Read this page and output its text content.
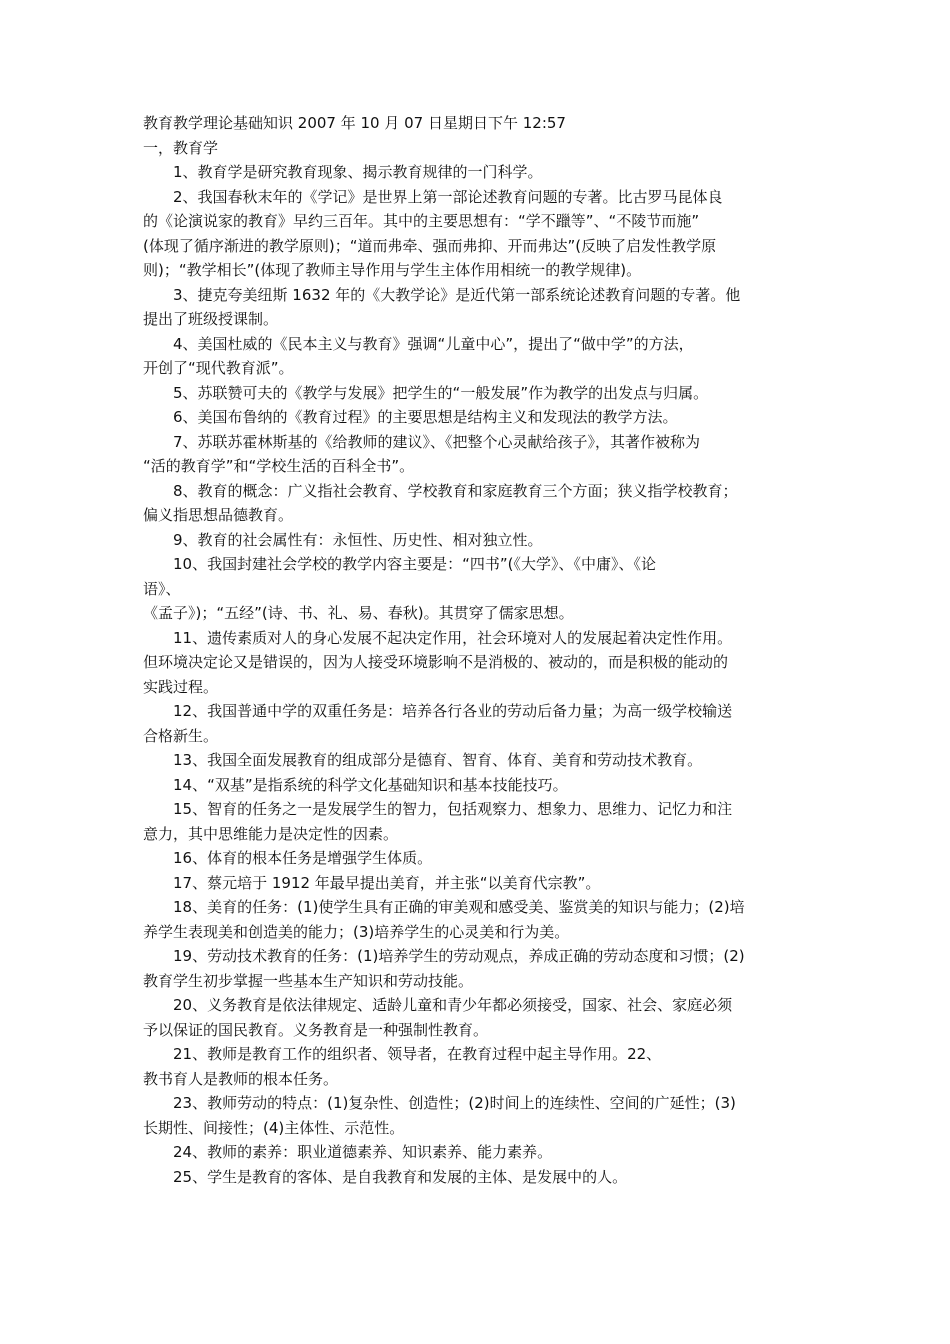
教育教学理论基础知识 2007 年 10 月 07 日星期日下午 12:57
一，教育学
1、教育学是研究教育现象、揭示教育规律的一门科学。
2、我国春秋末年的《学记》是世界上第一部论述教育问题的专著。比古罗马昆体良
的《论演说家的教育》早约三百年。其中的主要思想有：“学不躐等”、“不陵节而施”
(体现了循序渐进的教学原则)；“道而弗牵、强而弗抑、开而弗达”(反映了启发性教学原
则)；“教学相长”(体现了教师主导作用与学生主体作用相统一的教学规律)。
3、捷克夸美纽斯 1632 年的《大教学论》是近代第一部系统论述教育问题的专著。他
提出了班级授课制。
4、美国杜威的《民本主义与教育》强调“儿童中心”，提出了“做中学”的方法，
开创了“现代教育派”。
5、苏联赞可夫的《教学与发展》把学生的“一般发展”作为教学的出发点与归属。
6、美国布鲁纳的《教育过程》的主要思想是结构主义和发现法的教学方法。
7、苏联苏霍林斯基的《给教师的建议》、《把整个心灵献给孩子》，其著作被称为
“活的教育学”和“学校生活的百科全书”。
8、教育的概念：广义指社会教育、学校教育和家庭教育三个方面；狭义指学校教育；
偏义指思想品德教育。
9、教育的社会属性有：永恒性、历史性、相对独立性。
10、我国封建社会学校的教学内容主要是：“四书”(《大学》、《中庸》、《论
语》、
《孟子》)；“五经”(诗、书、礼、易、春秋)。其贯穿了儒家思想。
11、遗传素质对人的身心发展不起决定作用，社会环境对人的发展起着决定性作用。
但环境决定论又是错误的，因为人接受环境影响不是消极的、被动的，而是积极的能动的
实践过程。
12、我国普通中学的双重任务是：培养各行各业的劳动后备力量；为高一级学校输送
合格新生。
13、我国全面发展教育的组成部分是德育、智育、体育、美育和劳动技术教育。
14、“双基”是指系统的科学文化基础知识和基本技能技巧。
15、智育的任务之一是发展学生的智力，包括观察力、想象力、思维力、记忆力和注
意力，其中思维能力是决定性的因素。
16、体育的根本任务是增强学生体质。
17、蔡元培于 1912 年最早提出美育，并主张“以美育代宗教”。
18、美育的任务：(1)使学生具有正确的审美观和感受美、鉴赏美的知识与能力；(2)培
养学生表现美和创造美的能力；(3)培养学生的心灵美和行为美。
19、劳动技术教育的任务：(1)培养学生的劳动观点，养成正确的劳动态度和习惯；(2)
教育学生初步掌握一些基本生产知识和劳动技能。
20、义务教育是依法律规定、适龄儿童和青少年都必须接受，国家、社会、家庭必须
予以保证的国民教育。义务教育是一种强制性教育。
21、教师是教育工作的组织者、领导者，在教育过程中起主导作用。22、
教书育人是教师的根本任务。
23、教师劳动的特点：(1)复杂性、创造性；(2)时间上的连续性、空间的广延性；(3)
长期性、间接性；(4)主体性、示范性。
24、教师的素养：职业道德素养、知识素养、能力素养。
25、学生是教育的客体、是自我教育和发展的主体、是发展中的人。
